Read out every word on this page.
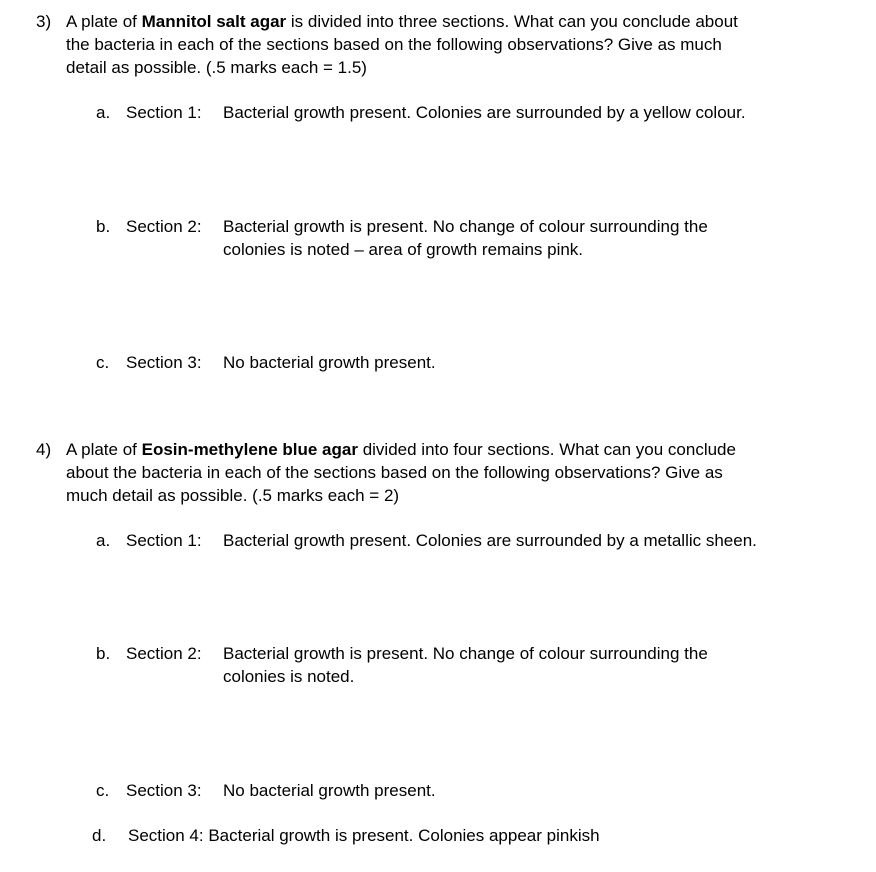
3) A plate of Mannitol salt agar is divided into three sections. What can you conclude about
the bacteria in each of the sections based on the following observations? Give as much
detail as possible. (.5 marks each = 1.5)
a. Section 1: Bacterial growth present. Colonies are surrounded by a yellow colour.
b. Section 2: Bacterial growth is present. No change of colour surrounding the
colonies is noted – area of growth remains pink.
c. Section 3: No bacterial growth present.
4) A plate of Eosin-methylene blue agar divided into four sections. What can you conclude
about the bacteria in each of the sections based on the following observations? Give as
much detail as possible. (.5 marks each = 2)
a. Section 1: Bacterial growth present. Colonies are surrounded by a metallic sheen.
b. Section 2: Bacterial growth is present. No change of colour surrounding the
colonies is noted.
c. Section 3: No bacterial growth present.
d. Section 4: Bacterial growth is present. Colonies appear pinkish
